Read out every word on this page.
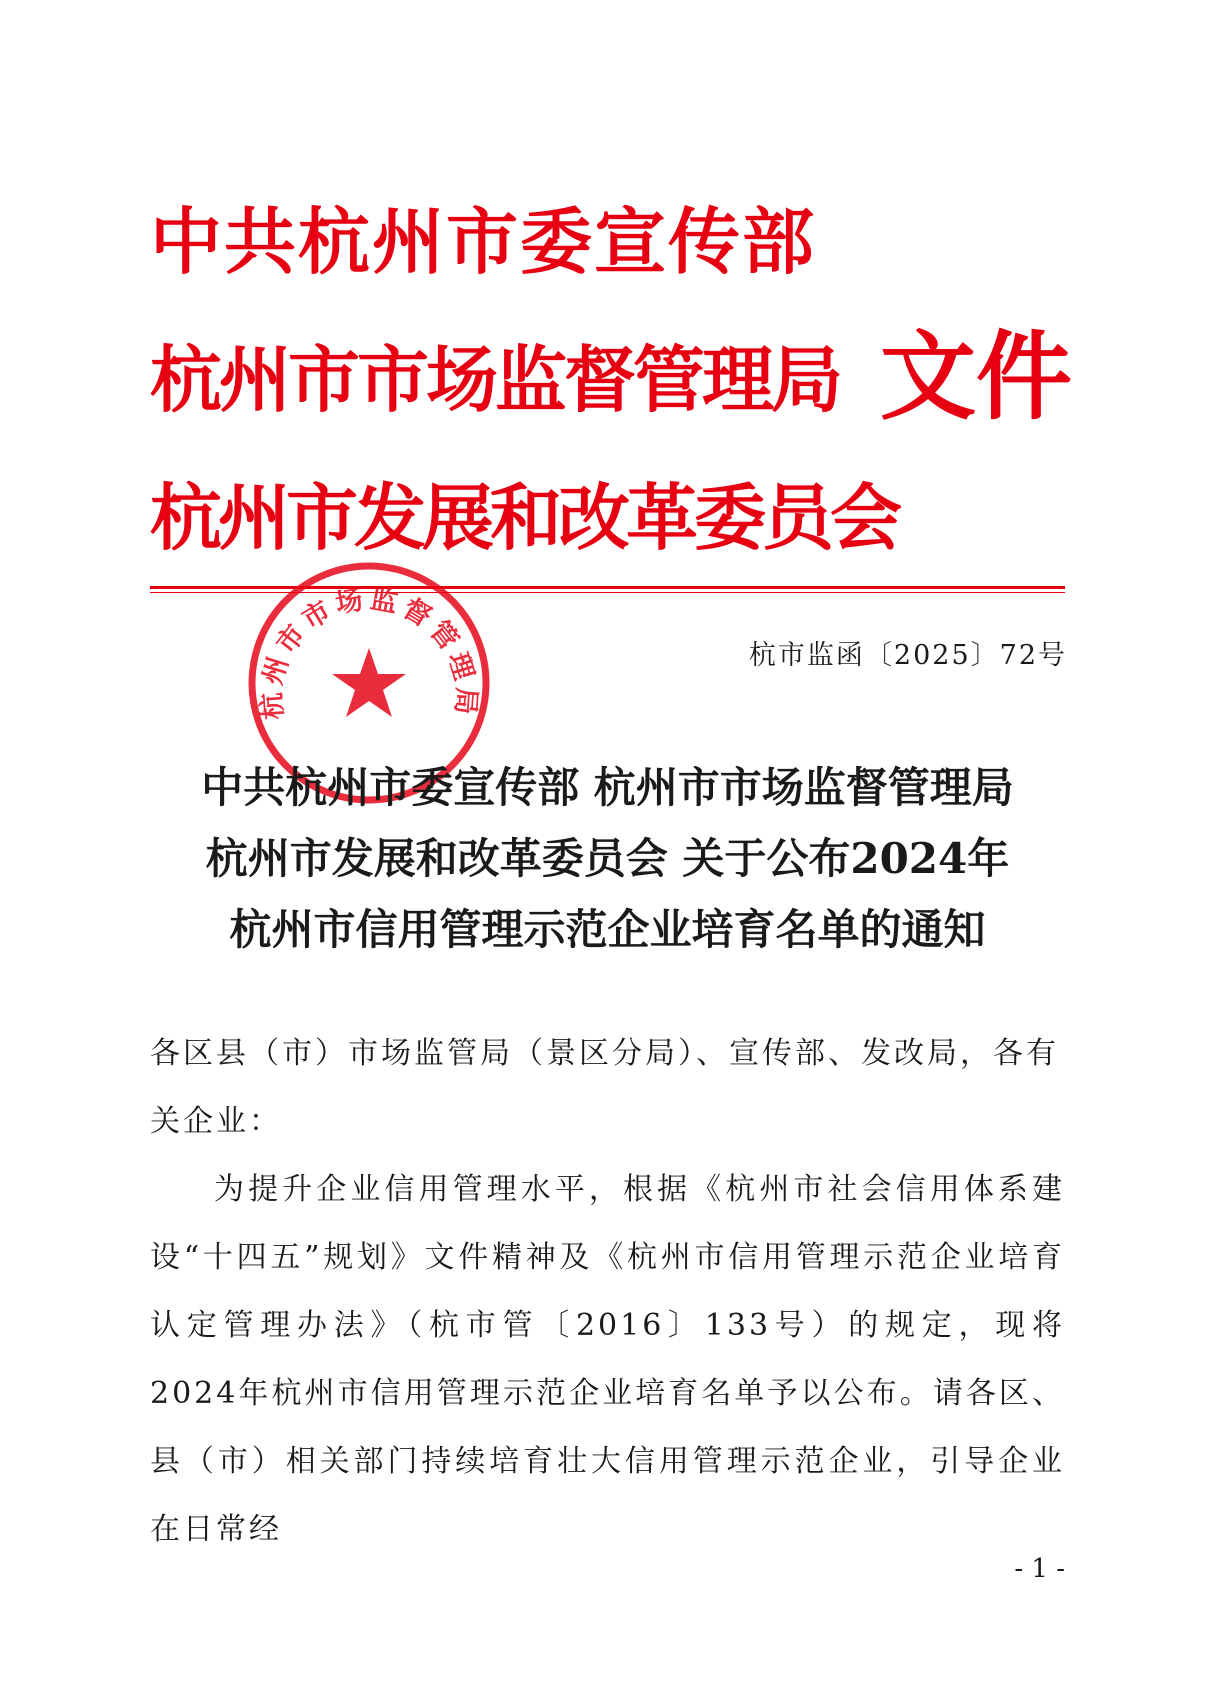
中共杭州市委宣传部
杭州市市场监督管理局
杭州市发展和改革委员会
文件
杭市监函〔2025〕72号
杭州市市场监督管理局
中共杭州市委宣传部 杭州市市场监督管理局
杭州市发展和改革委员会 关于公布2024年
杭州市信用管理示范企业培育名单的通知
各区县（市）市场监管局（景区分局）、宣传部、发改局，各有关企业：
为提升企业信用管理水平，根据《杭州市社会信用体系建设“十四五”规划》文件精神及《杭州市信用管理示范企业培育认定管理办法》（杭市管〔2016〕133号）的规定，现将2024年杭州市信用管理示范企业培育名单予以公布。请各区、县（市）相关部门持续培育壮大信用管理示范企业，引导企业在日常经
- 1 -
